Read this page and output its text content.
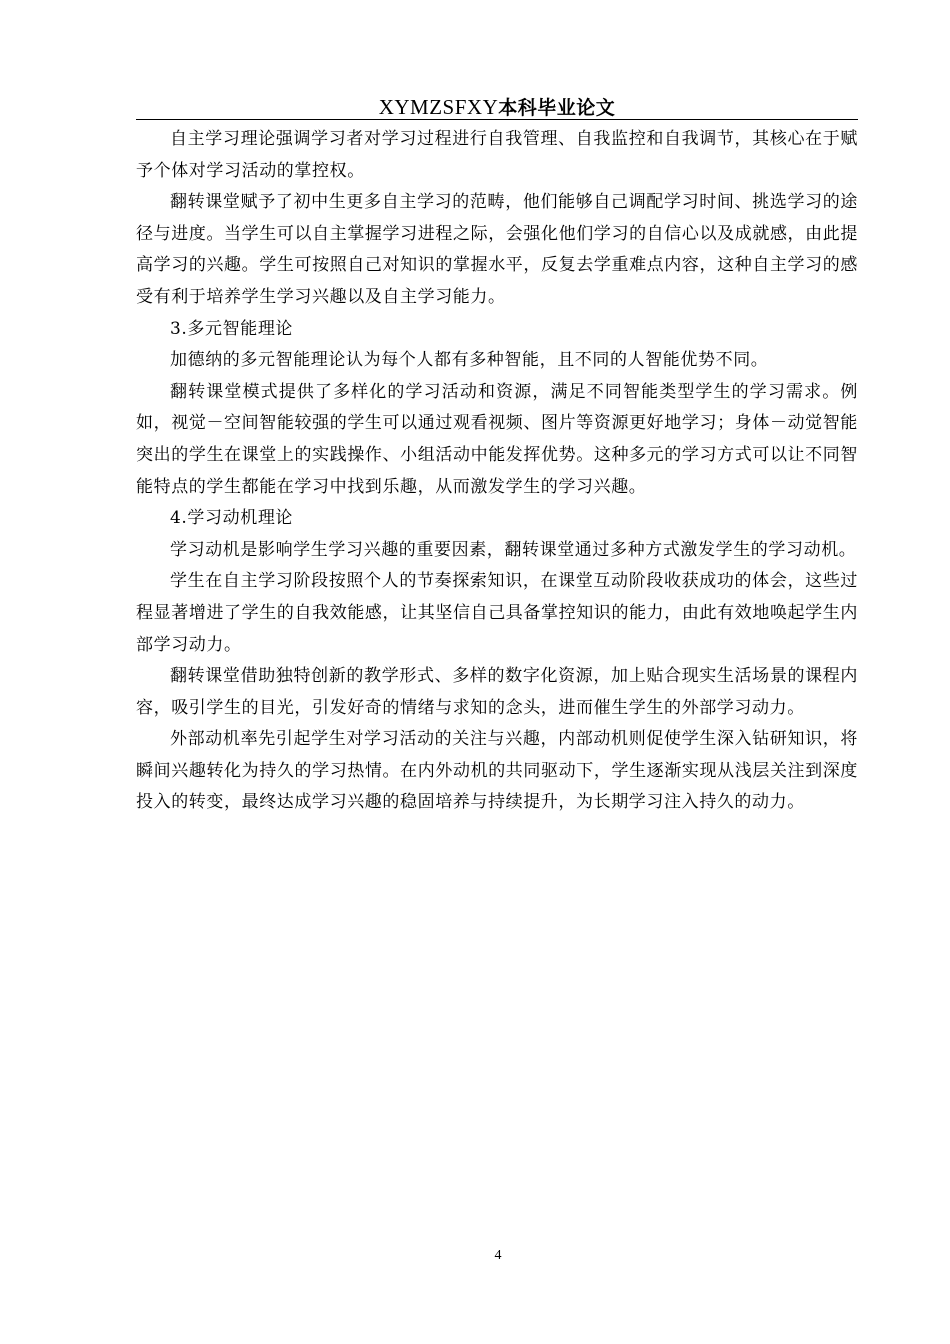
XYMZSFXY本科毕业论文

自主学习理论强调学习者对学习过程进行自我管理、自我监控和自我调节，其核心在于赋予个体对学习活动的掌控权。

翻转课堂赋予了初中生更多自主学习的范畴，他们能够自己调配学习时间、挑选学习的途径与进度。当学生可以自主掌握学习进程之际，会强化他们学习的自信心以及成就感，由此提高学习的兴趣。学生可按照自己对知识的掌握水平，反复去学重难点内容，这种自主学习的感受有利于培养学生学习兴趣以及自主学习能力。

3.多元智能理论

加德纳的多元智能理论认为每个人都有多种智能，且不同的人智能优势不同。

翻转课堂模式提供了多样化的学习活动和资源，满足不同智能类型学生的学习需求。例如，视觉－空间智能较强的学生可以通过观看视频、图片等资源更好地学习；身体－动觉智能突出的学生在课堂上的实践操作、小组活动中能发挥优势。这种多元的学习方式可以让不同智能特点的学生都能在学习中找到乐趣，从而激发学生的学习兴趣。

4.学习动机理论

学习动机是影响学生学习兴趣的重要因素，翻转课堂通过多种方式激发学生的学习动机。

学生在自主学习阶段按照个人的节奏探索知识，在课堂互动阶段收获成功的体会，这些过程显著增进了学生的自我效能感，让其坚信自己具备掌控知识的能力，由此有效地唤起学生内部学习动力。

翻转课堂借助独特创新的教学形式、多样的数字化资源，加上贴合现实生活场景的课程内容，吸引学生的目光，引发好奇的情绪与求知的念头，进而催生学生的外部学习动力。

外部动机率先引起学生对学习活动的关注与兴趣，内部动机则促使学生深入钻研知识，将瞬间兴趣转化为持久的学习热情。在内外动机的共同驱动下，学生逐渐实现从浅层关注到深度投入的转变，最终达成学习兴趣的稳固培养与持续提升，为长期学习注入持久的动力。

4
